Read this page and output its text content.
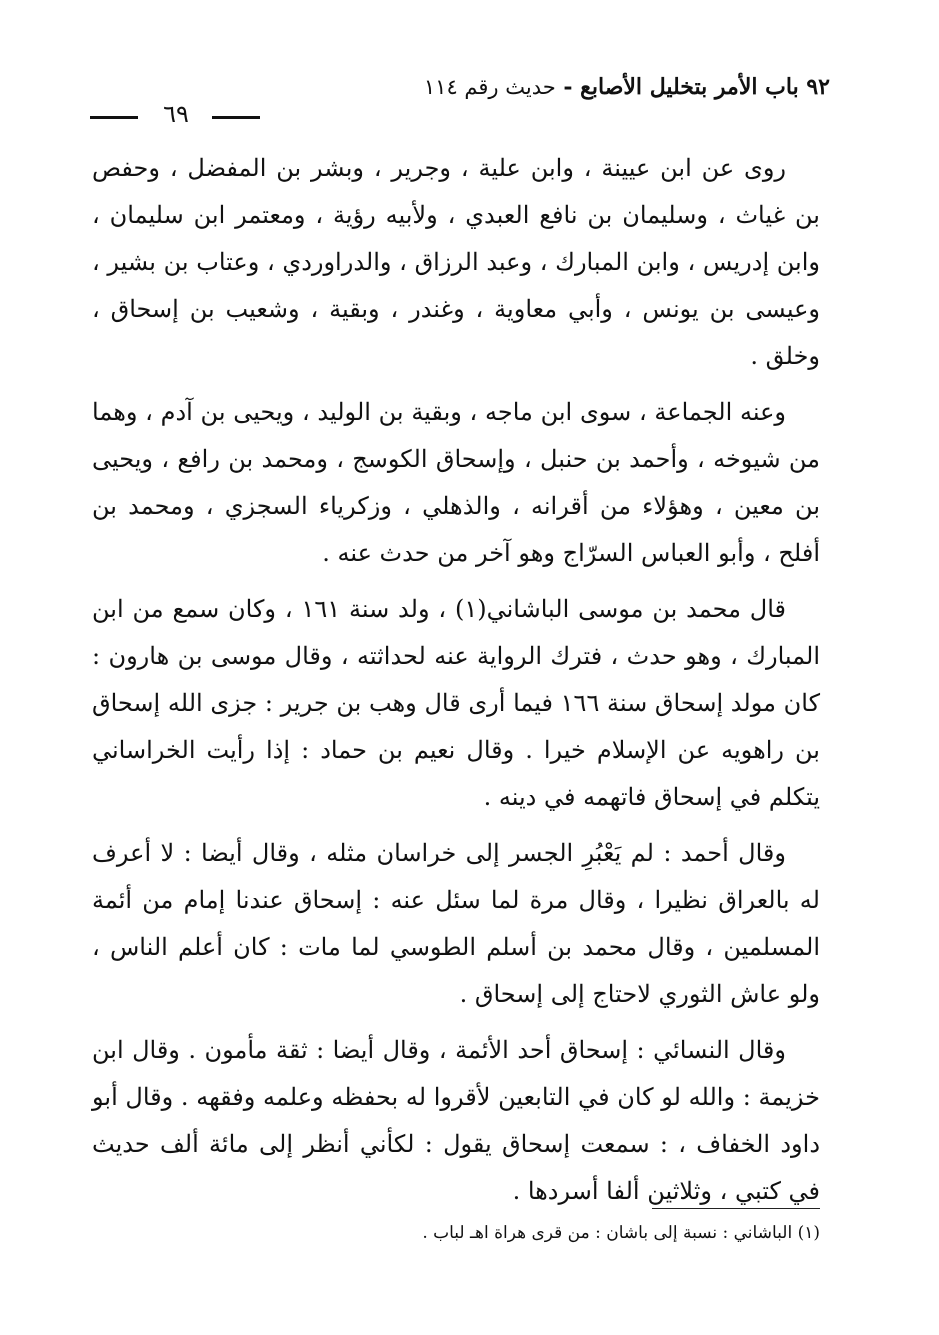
٩٢ باب الأمر بتخليل الأصابع - حديث رقم ١١٤
٦٩

روى عن ابن عيينة ، وابن علية ، وجرير ، وبشر بن المفضل ، وحفص بن غياث ، وسليمان بن نافع العبدي ، ولأبيه رؤية ، ومعتمر ابن سليمان ، وابن إدريس ، وابن المبارك ، وعبد الرزاق ، والدراوردي ، وعتاب بن بشير ، وعيسى بن يونس ، وأبي معاوية ، وغندر ، وبقية ، وشعيب بن إسحاق ، وخلق .

وعنه الجماعة ، سوى ابن ماجه ، وبقية بن الوليد ، ويحيى بن آدم ، وهما من شيوخه ، وأحمد بن حنبل ، وإسحاق الكوسج ، ومحمد بن رافع ، ويحيى بن معين ، وهؤلاء من أقرانه ، والذهلي ، وزكرياء السجزي ، ومحمد بن أفلح ، وأبو العباس السرّاج وهو آخر من حدث عنه .

قال محمد بن موسى الباشاني(١) ، ولد سنة ١٦١ ، وكان سمع من ابن المبارك ، وهو حدث ، فترك الرواية عنه لحداثته ، وقال موسى بن هارون : كان مولد إسحاق سنة ١٦٦ فيما أرى قال وهب بن جرير : جزى الله إسحاق بن راهويه عن الإسلام خيرا . وقال نعيم بن حماد : إذا رأيت الخراساني يتكلم في إسحاق فاتهمه في دينه .

وقال أحمد : لم يَعْبُرِ الجسر إلى خراسان مثله ، وقال أيضا : لا أعرف له بالعراق نظيرا ، وقال مرة لما سئل عنه : إسحاق عندنا إمام من أئمة المسلمين ، وقال محمد بن أسلم الطوسي لما مات : كان أعلم الناس ، ولو عاش الثوري لاحتاج إلى إسحاق .

وقال النسائي : إسحاق أحد الأئمة ، وقال أيضا : ثقة مأمون . وقال ابن خزيمة : والله لو كان في التابعين لأقروا له بحفظه وعلمه وفقهه . وقال أبو داود الخفاف ، : سمعت إسحاق يقول : لكأني أنظر إلى مائة ألف حديث في كتبي ، وثلاثين ألفا أسردها .

(١) الباشاني : نسبة إلى باشان : من قرى هراة اهـ لباب .
